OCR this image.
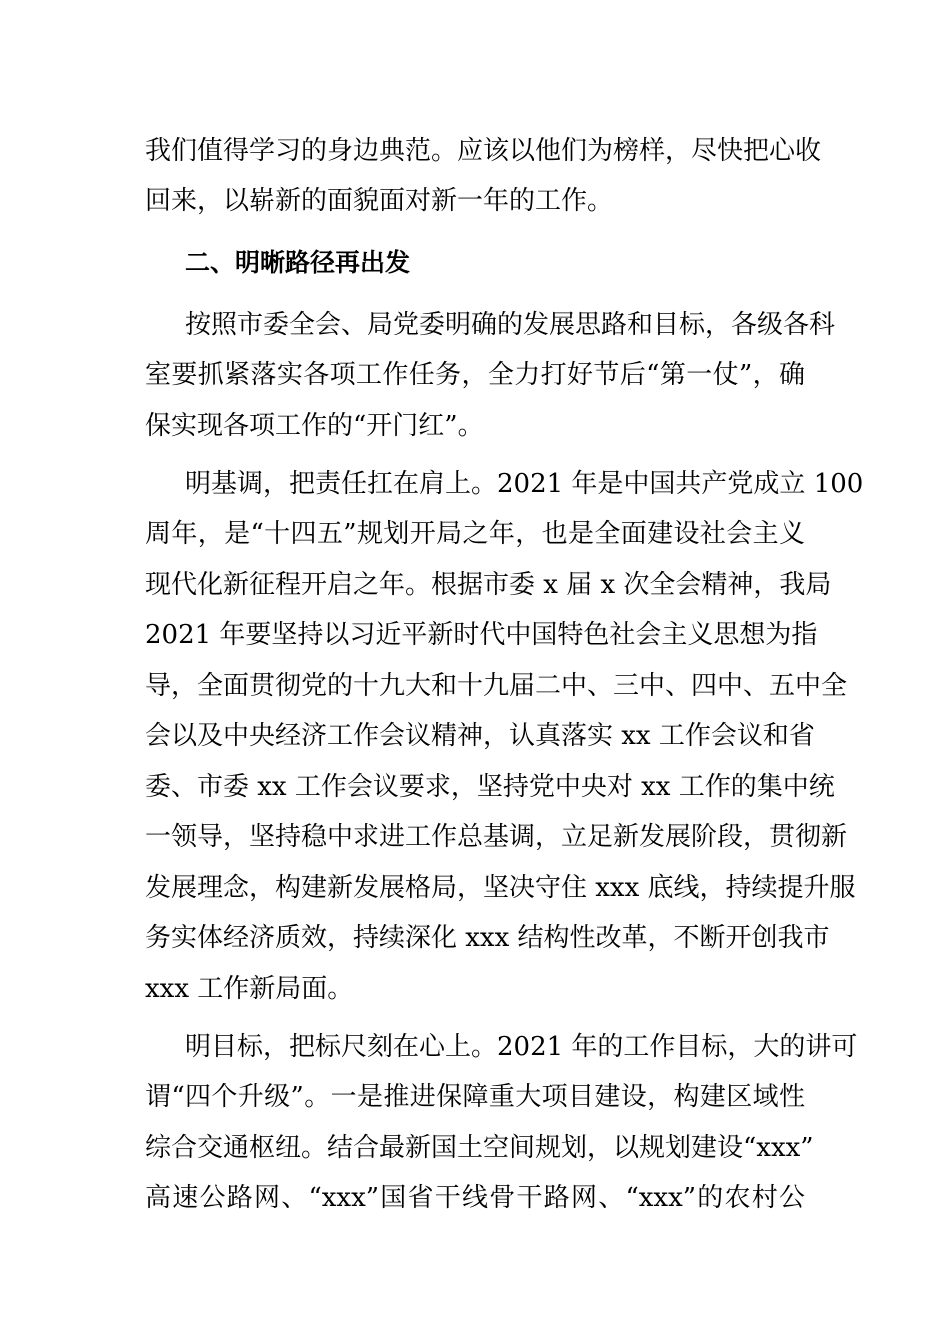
我们值得学习的身边典范。应该以他们为榜样，尽快把心收
回来，以崭新的面貌面对新一年的工作。
二、明晰路径再出发
按照市委全会、局党委明确的发展思路和目标，各级各科
室要抓紧落实各项工作任务，全力打好节后“第一仗”，确
保实现各项工作的“开门红”。
明基调，把责任扛在肩上。2021 年是中国共产党成立 100
周年，是“十四五”规划开局之年，也是全面建设社会主义
现代化新征程开启之年。根据市委 x 届 x 次全会精神，我局
2021 年要坚持以习近平新时代中国特色社会主义思想为指
导，全面贯彻党的十九大和十九届二中、三中、四中、五中全
会以及中央经济工作会议精神，认真落实 xx 工作会议和省
委、市委 xx 工作会议要求，坚持党中央对 xx 工作的集中统
一领导，坚持稳中求进工作总基调，立足新发展阶段，贯彻新
发展理念，构建新发展格局，坚决守住 xxx 底线，持续提升服
务实体经济质效，持续深化 xxx 结构性改革，不断开创我市
xxx 工作新局面。
明目标，把标尺刻在心上。2021 年的工作目标，大的讲可
谓“四个升级”。一是推进保障重大项目建设，构建区域性
综合交通枢纽。结合最新国土空间规划，以规划建设“xxx”
高速公路网、“xxx”国省干线骨干路网、“xxx”的农村公
